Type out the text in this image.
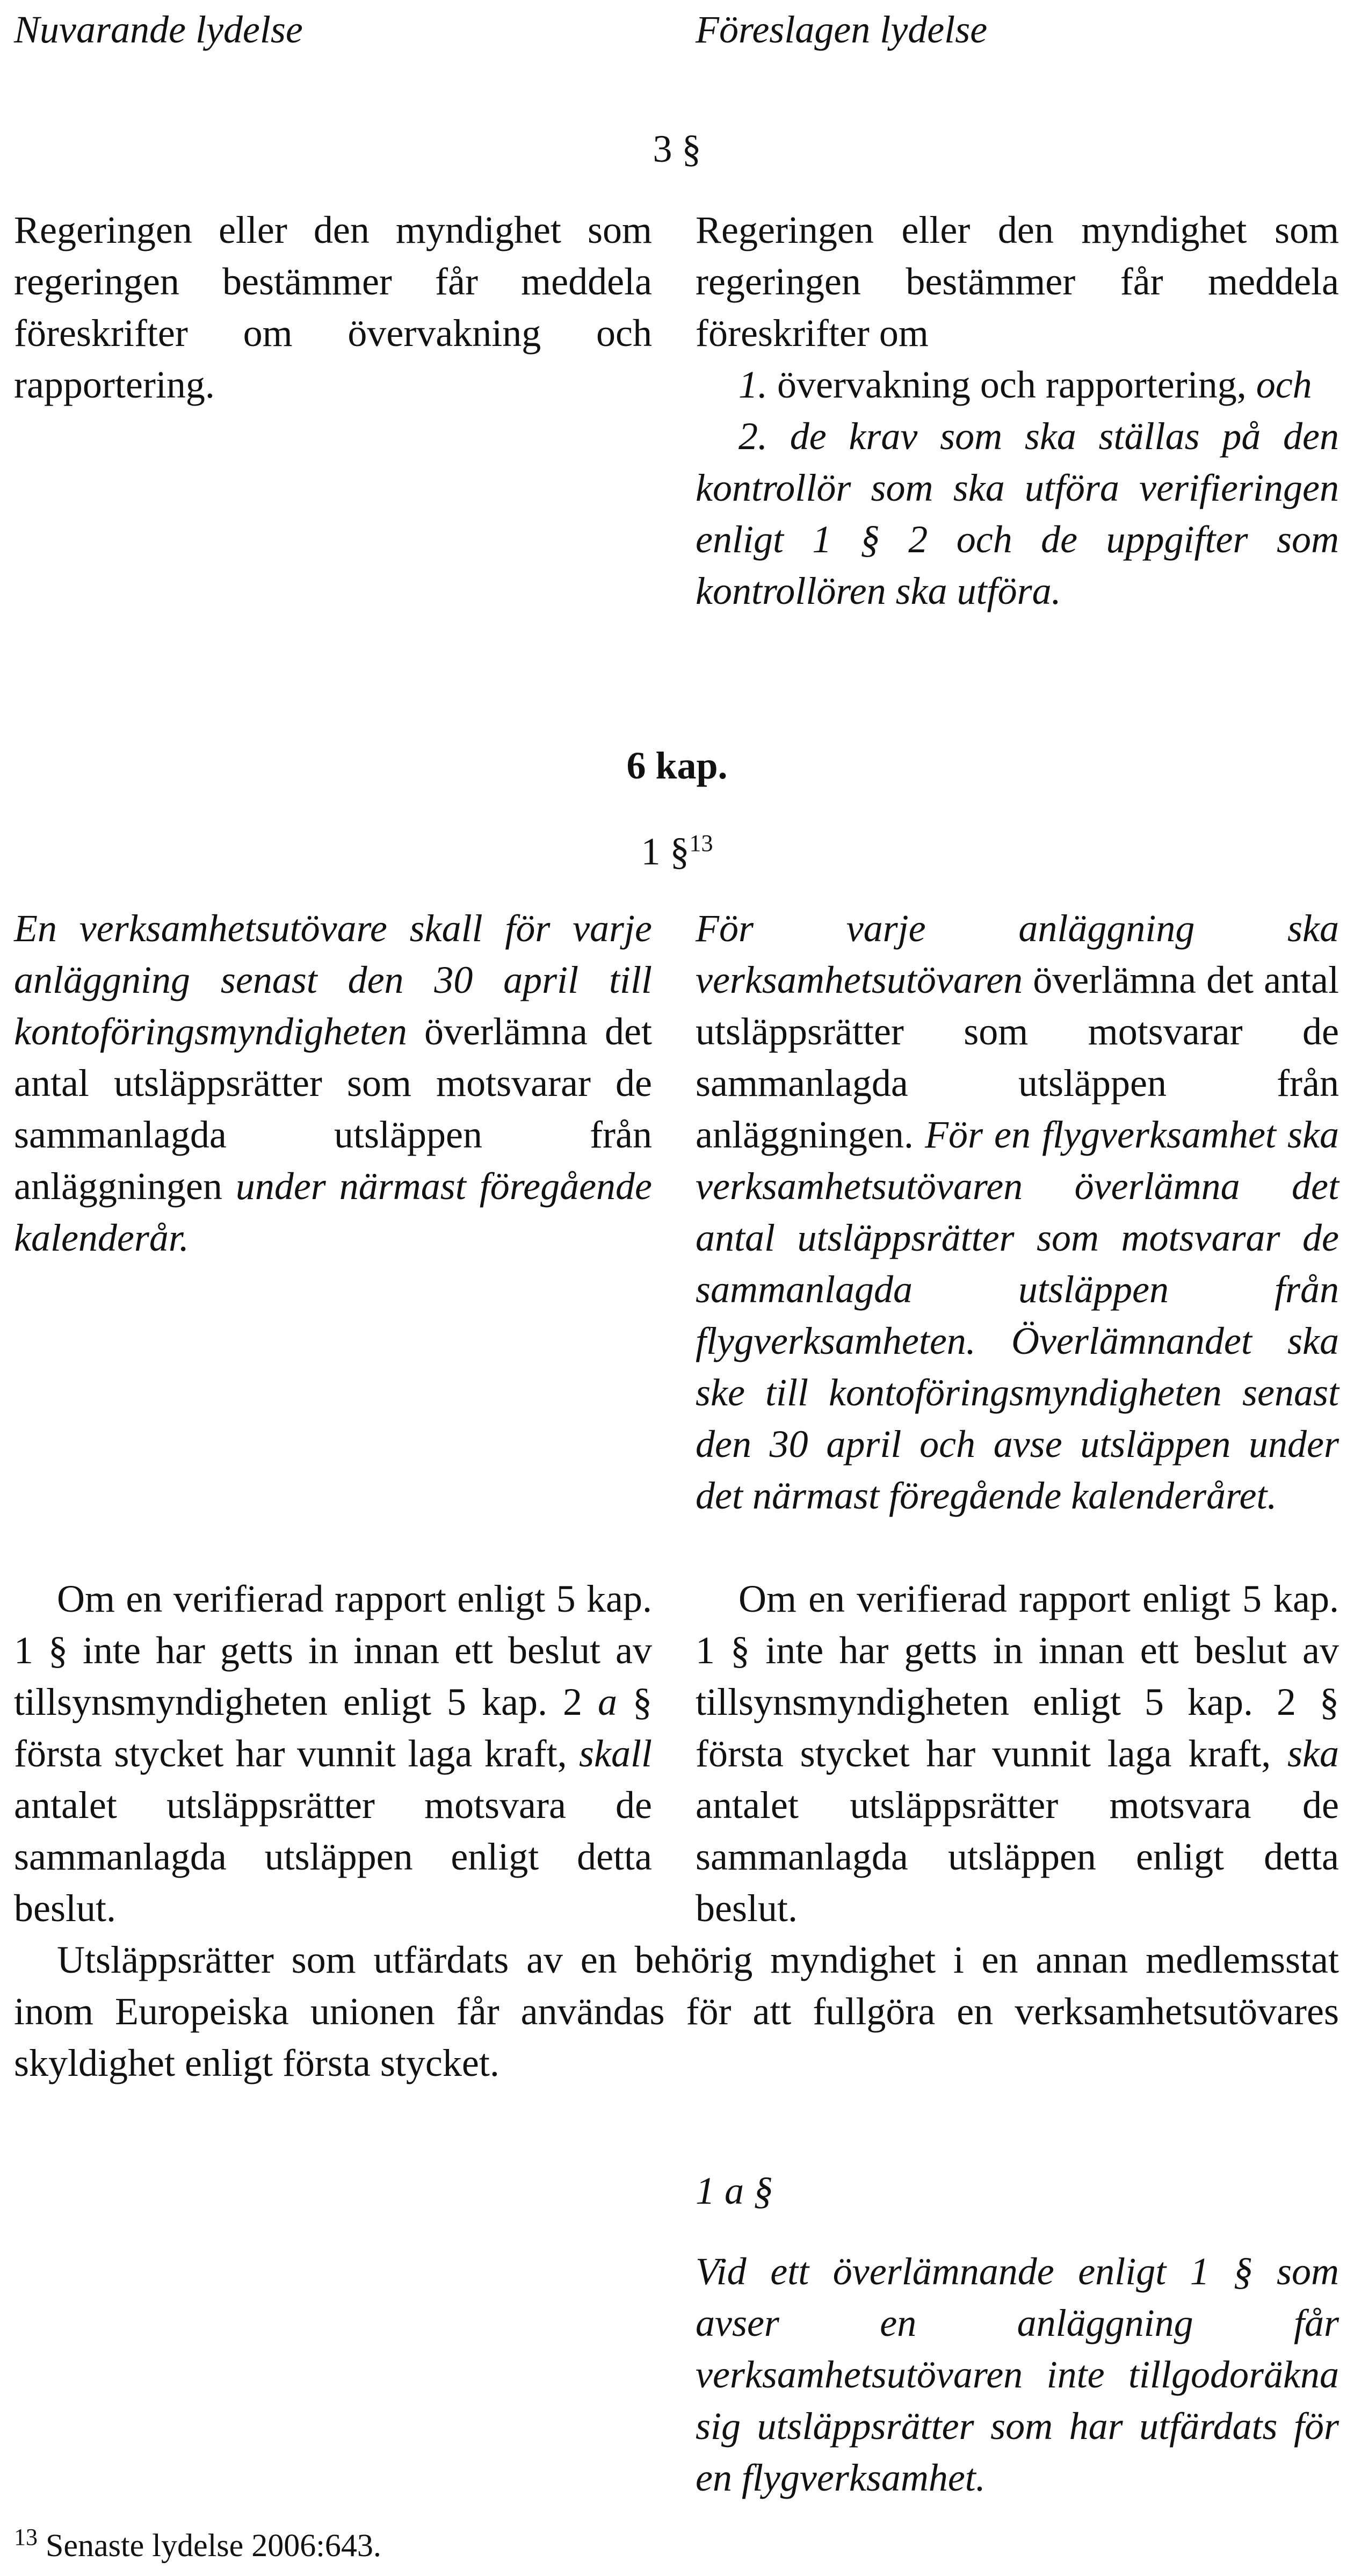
Nuvarande lydelse	Föreslagen lydelse
3 §

Regeringen eller den myndighet som regeringen bestämmer får meddela föreskrifter om övervakning och rapportering.

Regeringen eller den myndighet som regeringen bestämmer får meddela föreskrifter om

1. övervakning och rapportering, och

2. de krav som ska ställas på den kontrollör som ska utföra verifieringen enligt 1 § 2 och de uppgifter som kontrollören ska utföra.

6 kap.
1 §$^{13}$

En verksamhetsutövare skall för varje anläggning senast den 30 april till kontoföringsmyndigheten överlämna det antal utsläppsrätter som motsvarar de sammanlagda utsläppen från anläggningen under närmast föregående kalenderår.

För varje anläggning ska verksamhetsutövaren överlämna det antal utsläppsrätter som motsvarar de sammanlagda utsläppen från anläggningen. För en flygverksamhet ska verksamhetsutövaren överlämna det antal utsläppsrätter som motsvarar de sammanlagda utsläppen från flygverksamheten. Överlämnandet ska ske till kontoföringsmyndigheten senast den 30 april och avse utsläppen under det närmast föregående kalenderåret.

Om en verifierad rapport enligt 5 kap. 1 § inte har getts in innan ett beslut av tillsynsmyndigheten enligt 5 kap. 2 a § första stycket har vunnit laga kraft, skall antalet utsläppsrätter motsvara de sammanlagda utsläppen enligt detta beslut.

Om en verifierad rapport enligt 5 kap. 1 § inte har getts in innan ett beslut av tillsynsmyndigheten enligt 5 kap. 2 § första stycket har vunnit laga kraft, ska antalet utsläppsrätter motsvara de sammanlagda utsläppen enligt detta beslut.

Utsläppsrätter som utfärdats av en behörig myndighet i en annan medlemsstat inom Europeiska unionen får användas för att fullgöra en verksamhetsutövares skyldighet enligt första stycket.

1 a §

Vid ett överlämnande enligt 1 § som avser en anläggning får verksamhetsutövaren inte tillgodoräkna sig utsläppsrätter som har utfärdats för en flygverksamhet.

$^{13}$ Senaste lydelse 2006:643.
